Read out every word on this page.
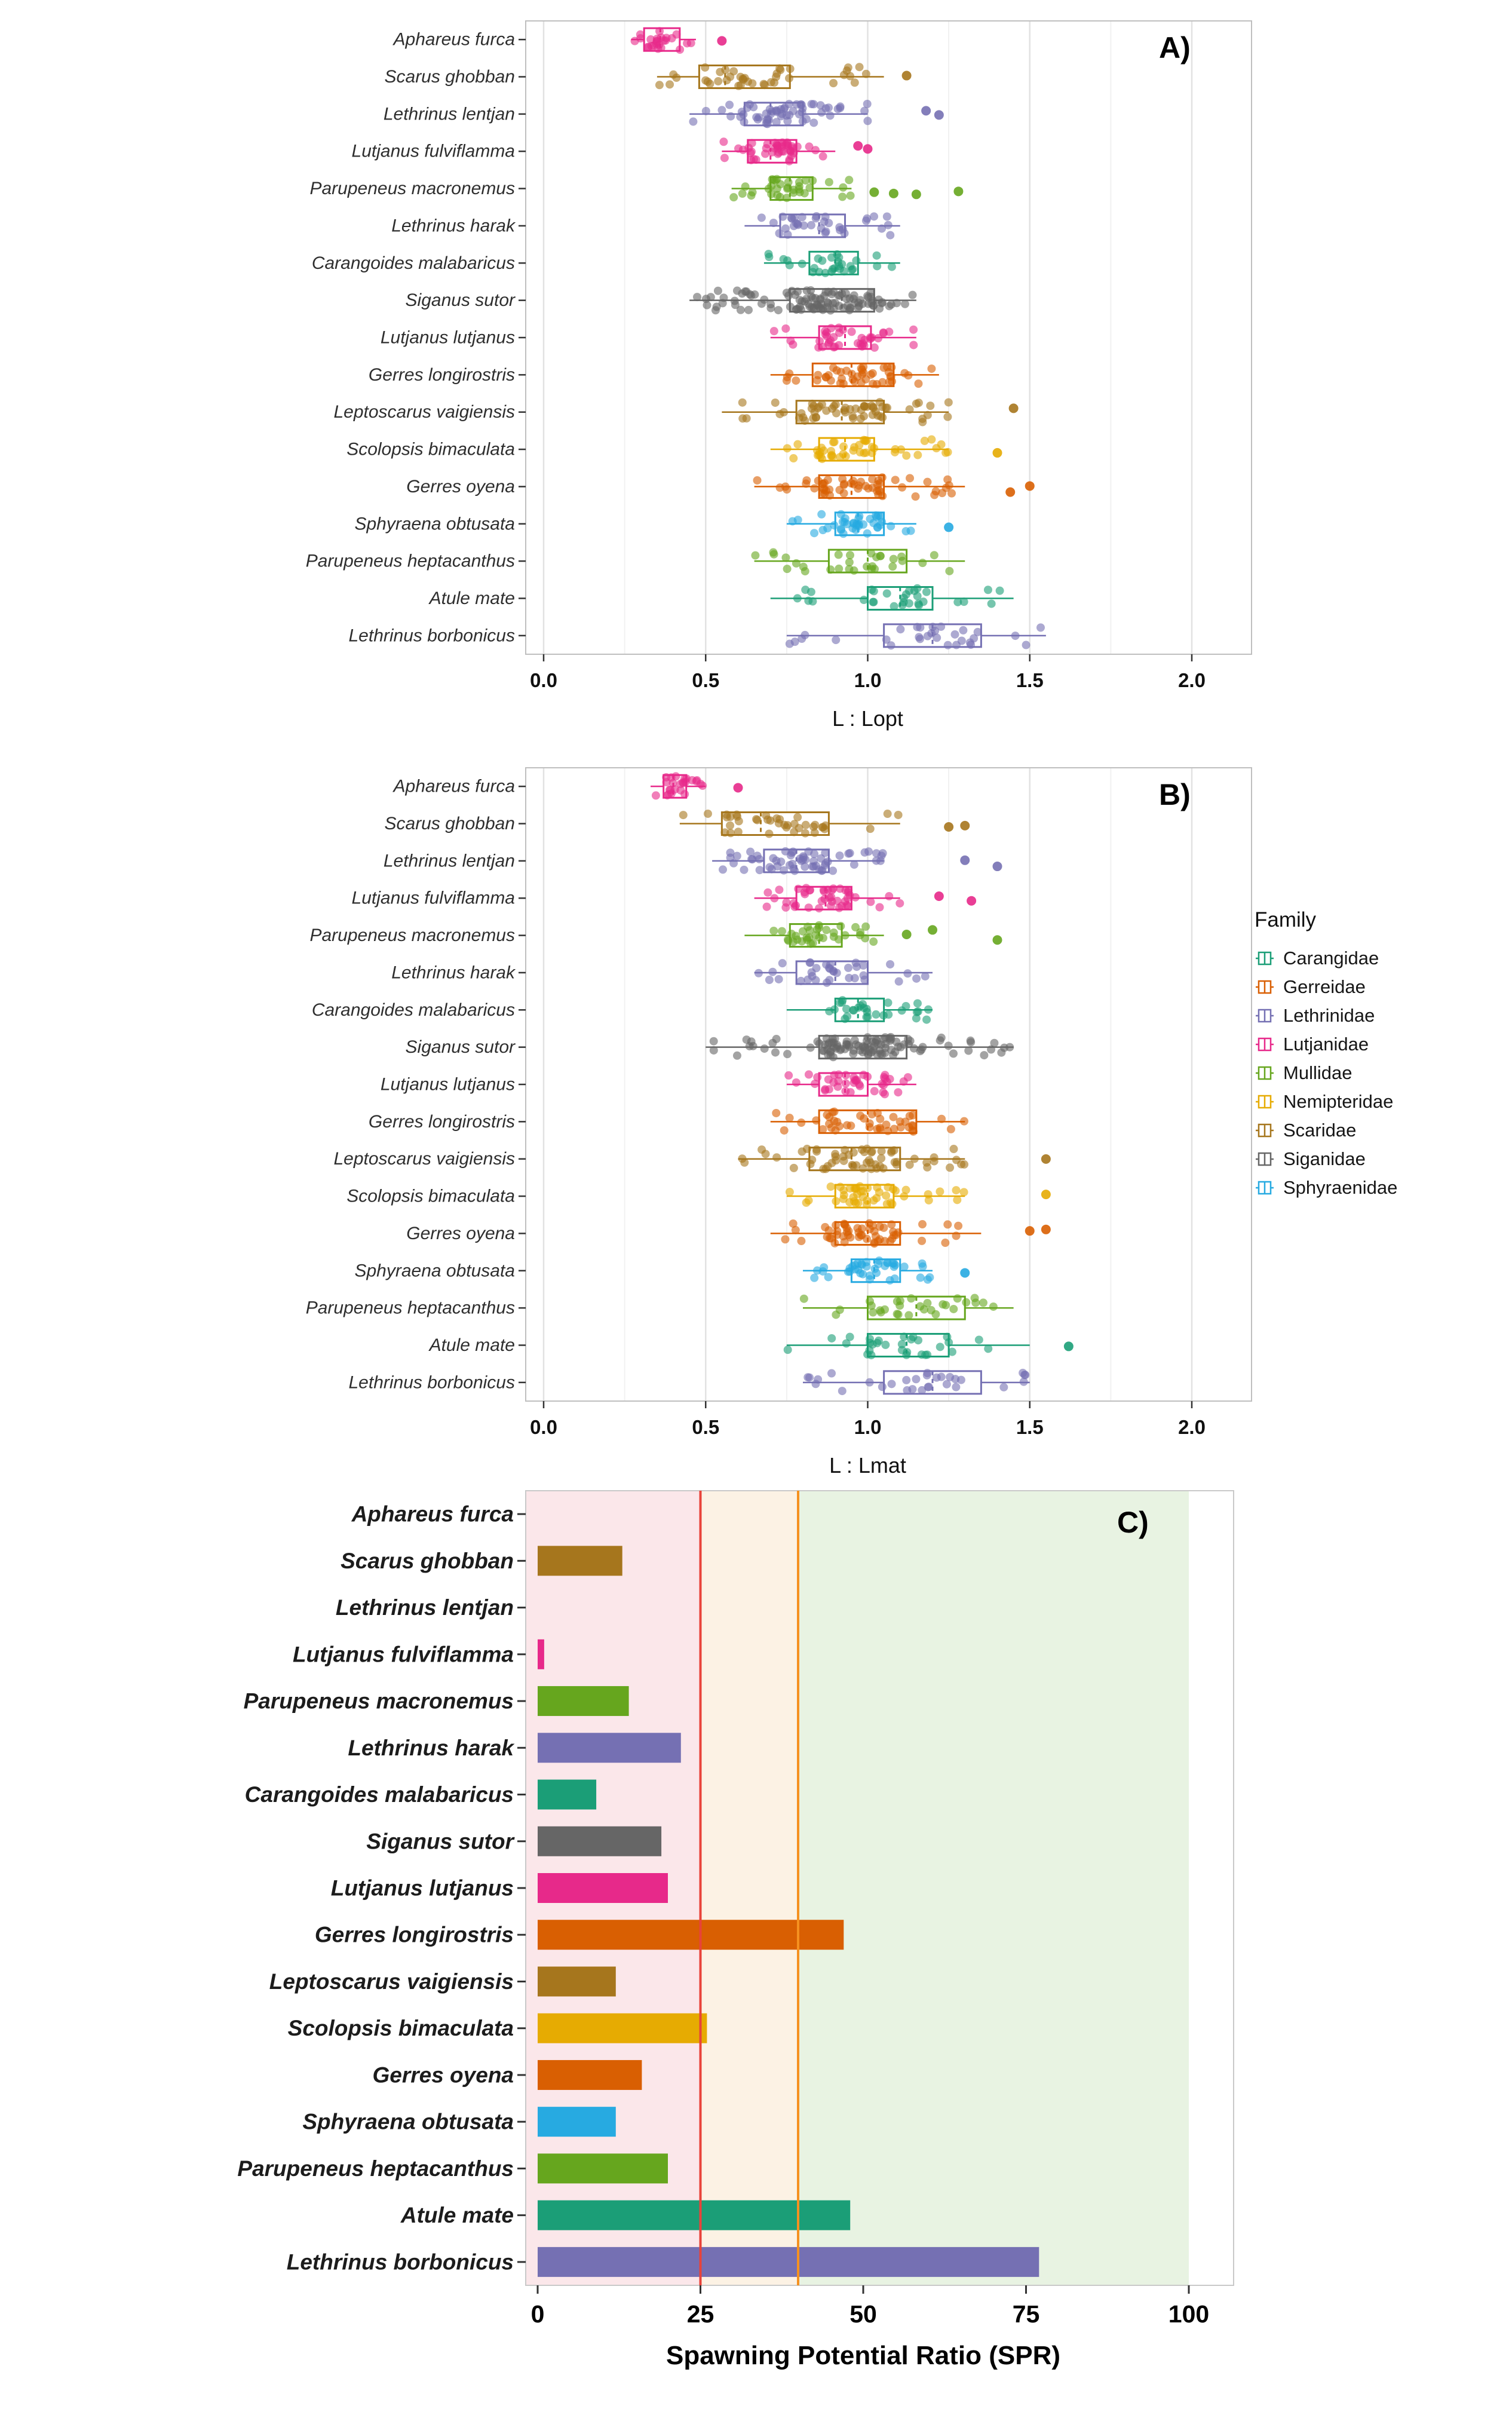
Aphareus furca
Scarus ghobban
Lethrinus lentjan
Lutjanus fulviflamma
Parupeneus macronemus
Lethrinus harak
Carangoides malabaricus
Siganus sutor
Lutjanus lutjanus
Gerres longirostris
Leptoscarus vaigiensis
Scolopsis bimaculata
Gerres oyena
Sphyraena obtusata
Parupeneus heptacanthus
Atule mate
Lethrinus borbonicus
0.0	0.5	1.0	1.5	2.0
L : Lopt
A)
Aphareus furca
Scarus ghobban
Lethrinus lentjan
Lutjanus fulviflamma
Parupeneus macronemus
Lethrinus harak
Carangoides malabaricus
Siganus sutor
Lutjanus lutjanus
Gerres longirostris
Leptoscarus vaigiensis
Scolopsis bimaculata
Gerres oyena
Sphyraena obtusata
Parupeneus heptacanthus
Atule mate
Lethrinus borbonicus
0.0	0.5	1.0	1.5	2.0
L : Lmat
B)
Family
Carangidae
Gerreidae
Lethrinidae
Lutjanidae
Mullidae
Nemipteridae
Scaridae
Siganidae
Sphyraenidae
Aphareus furca
Scarus ghobban
Lethrinus lentjan
Lutjanus fulviflamma
Parupeneus macronemus
Lethrinus harak
Carangoides malabaricus
Siganus sutor
Lutjanus lutjanus
Gerres longirostris
Leptoscarus vaigiensis
Scolopsis bimaculata
Gerres oyena
Sphyraena obtusata
Parupeneus heptacanthus
Atule mate
Lethrinus borbonicus
0	25	50	75	100
Spawning Potential Ratio (SPR)
C)
